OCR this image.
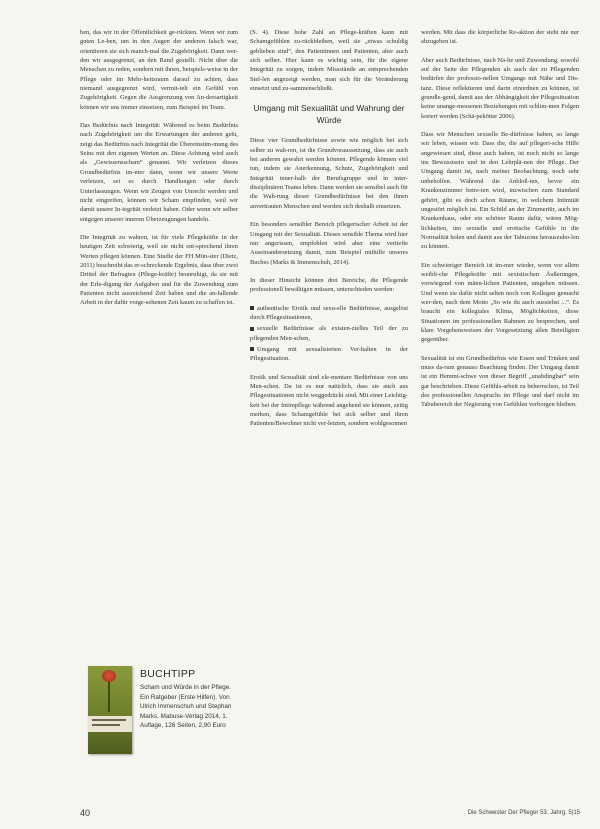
ben, das wir in der Öffentlichkeit ge-rückten. Wenn wir zum guten Le-ben, um in den Augen der anderen falsch war, orientieren sie sich manch-mal die Zugehörigkeit. Dann wer-den wir ausgegrenzt, an den Rand gestellt. Nicht über die Menschen zu reden, sondern mit ihnen, beispiels-weise in der Pflege oder im Mehr-heitsraum darauf zu achten, dass niemand ausgegrenzt wird, vermit-telt ein Gefühl von Zugehörigkeit. Gegen die Ausgrenzung von An-dersartigkeit können wir uns immer einsetzen, zum Beispiel im Team.

Das Bedürfnis nach Integrität: Während es beim Bedürfnis nach Zugehörigkeit um die Erwartungen der anderen geht, zeigt das Bedürfnis nach Integrität die Übereinstim-mung des Seins mit den eigenen Werten an. Diese Achtung wird auch als „Gewissensscham“ genannt. Wir verletzen dieses Grundbedürfnis im-mer dann, wenn wir unsere Werte verletzen, sei es durch Handlungen oder durch Unterlassungen. Wenn wir Zeugen von Unrecht werden und nicht eingreifen, können wir Scham empfinden, weil wir damit unsere In-tegrität verletzt haben. Oder wenn wir selber entgegen unserer inneren Überzeugungen handeln.

Die Integrität zu wahren, ist für viele Pflegekräfte in der heutigen Zeit schwierig, weil sie nicht ent-sprechend ihren Werten pflegen können. Eine Studie der FH Mün-ster (Dietz, 2011) beschreibt das er-schreckende Ergebnis, dass über zwei Drittel der Befragten (Pflege-kräfte) beunruhigt, da sie mit der Erle-digung der Aufgaben und für die Zuwendung zum Patienten nicht ausreichend Zeit haben und die an-fallende Arbeit in der dafür vorge-sehenen Zeit kaum zu schaffen ist.

(S. 4). Diese hohe Zahl an Pflege-kräften kann mit Schamgefühlen zu-rückbleiben, weil sie „etwas schuldig geblieben sind“, den Patientinnen und Patienten, aber auch sich selber. Hier kann es wichtig sein, für die eigene Integrität zu sorgen, indem Missstände an entsprechenden Stel-len angezeigt werden, man sich für die Veränderung einsetzt und zu-sammenschließt.

Umgang mit Sexualität und Wahrung der Würde

Diese vier Grundbedürfnisse sowie wie möglich bei sich selber zu wah-ren, ist die Grundvoraussetzung, dass sie auch bei anderen gewahrt werden können. Pflegende können viel tun, indem sie Anerkennung, Schutz, Zugehörigkeit und Integrität inner-halb der Berufsgruppe und in inter-disziplinären Teams leben. Dann werden sie sensibel auch für die Wah-rung dieser Grundbedürfnisse bei den ihnen anvertrauten Menschen und werden sich deshalb einsetzen.

Ein besonders sensibler Bereich pflegerischer Arbeit ist der Umgang mit der Sexualität. Dieses sensible Thema wird hier nur angerissen, empfohlen wird aber eine vertiefte Auseinandersetzung damit, zum Beispiel mithilfe unseres Buches (Marks & Immenschuh, 2014).

In dieser Hinsicht können drei Bereiche, die Pflegende professionell bewältigen müssen, unterschieden werden:

authentische Erotik und sexu-elle Bedürfnisse, ausgelöst durch Pflegesituationen,
sexuelle Bedürfnisse als existen-zielles Teil der zu pflegenden Men-schen,
Umgang mit sexualisierten Ver-halten in der Pflegesituation.

Erotik und Sexualität sind ele-mentare Bedürfnisse von uns Men-schen. Da ist es nur natürlich, dass sie auch aus Pflegesituationen nicht weggedrückt sind. Mit einer Leichtig-keit bei der Intimpflege während angehend sie können, zeitig merken, dass Schamgefühle bei sich selber und ihren Patienten/Bewohner nicht ver-letzten, sondern wohlgesonnen

werden. Mit dass die körperliche Re-aktion der steht nie nur abzugeben ist.

Aber auch Bedürfnisse, nach Nä-he und Zuwendung, sowohl auf der Seite der Pflegenden als auch der zu Pflegenden bedürfen der professio-nellen Umgangs mit Nähe und Dis-tanz. Diese reflektieren und darin einordnen zu können, ist grundle-gend, damit aus der Abhängigkeit der Pflegesituation keine unange-messenen Beziehungen mit schlim-men Folgen kreiert werden (Schä-pekötter 2006).

Dass wir Menschen sexuelle Be-dürfnisse haben, so lange wir leben, wissen wir. Dass die, die auf pflegeri-sche Hilfe angewiesen sind, diese auch haben, ist noch nicht so lange ins Bewusstsein und in den Lehrplä-nen der Pflege. Der Umgang damit ist, nach meiner Beobachtung, noch sehr unbeholfen. Während die Anbloß-ten, bevor ein Krankenzimmer betre-ten wird, inzwischen zum Standard gehört, gibt es doch schon Räume, in welchem Intimität ungestört möglich ist. Ein Schild an der Zimmertür, auch im Krankenhaus, oder ein schöner Raum dafür, wären Mög-lichkeiten, um sexuelle und erotische Gefühle in die Normalität holen und damit aus der Tabuzone herauszuho-len zu können.

Ein schwieriger Bereich ist im-mer wieder, wenn vor allem weibli-che Pflegekräfte mit sexistischen Äußerungen, vorwiegend von männ-lichen Patienten, umgehen müssen. Und wenn sie dafür nicht selten noch von Kollegen gemacht wer-den, nach dem Motto „So wie du auch aussiehst ...“. Es braucht ein kollegiales Klima, Möglichkeiten, diese Situationen im professionellen Rahmen zu besprechen, und klare Vorgehensweisen der Vorgesetztung allen Beteiligten gegenüber.

Sexualität ist ein Grundbedürfnis wie Essen und Trinken und muss da-rum genauso Beachtung finden. Der Umgang damit ist ein Hemmt-schwe von dieser Begriff „unabdingbar“ sein gar beschrieben. Diese Gefühls-arbeit zu beherrschen, ist Teil des professionellen Anspruchs im Pflege und darf nicht im Tabubereich der Negierung von Gefühlen verborgen bleiben.

BUCHTIPP
Scham und Würde in der Pflege. Ein Ratgeber (Erste Hilfen). Von Ulrich Immenschuh und Stephan Marks. Mabuse-Verlag 2014, 1. Auflage, 126 Seiten, 2,90 Euro
40	Die Schwester Der Pfleger 53. Jahrg. 5|15
